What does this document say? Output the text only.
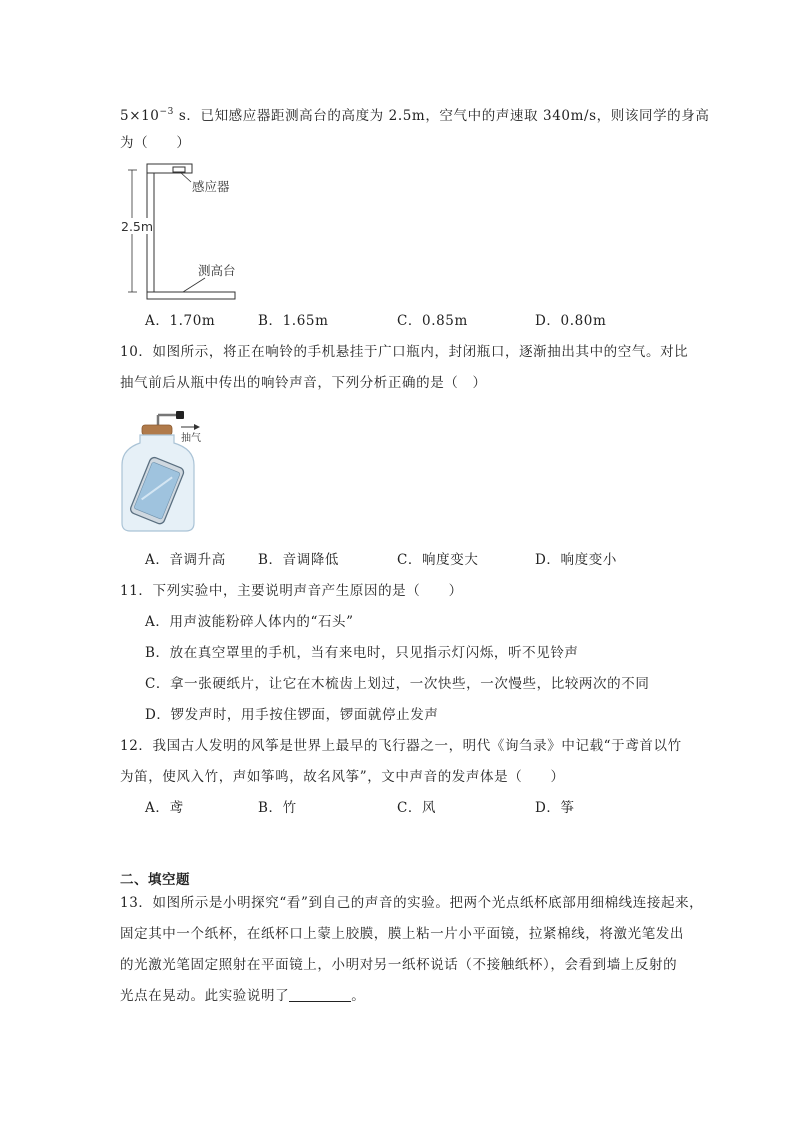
$5\times 10^{-3}$ s．已知感应器距测高台的高度为 2.5m，空气中的声速取 340m/s，则该同学的身高
为（　　）
感应器
2.5m
测高台
A．1.70m	B．1.65m	C．0.85m	D．0.80m
10．如图所示，将正在响铃的手机悬挂于广口瓶内，封闭瓶口，逐渐抽出其中的空气。对比
抽气前后从瓶中传出的响铃声音，下列分析正确的是（　）
抽气
A．音调升高 B．音调降低	C．响度变大	D．响度变小
11．下列实验中，主要说明声音产生原因的是（　　）
A．用声波能粉碎人体内的“石头”
B．放在真空罩里的手机，当有来电时，只见指示灯闪烁，听不见铃声
C．拿一张硬纸片，让它在木梳齿上划过，一次快些，一次慢些，比较两次的不同
D．锣发声时，用手按住锣面，锣面就停止发声
12．我国古人发明的风筝是世界上最早的飞行器之一，明代《询刍录》中记载“于鸢首以竹
为笛，使风入竹，声如筝鸣，故名风筝”，文中声音的发声体是（　　）
A．鸢	B．竹	C．风	D．筝
二、填空题
13．如图所示是小明探究“看”到自己的声音的实验。把两个光点纸杯底部用细棉线连接起来，
固定其中一个纸杯，在纸杯口上蒙上胶膜，膜上粘一片小平面镜，拉紧棉线，将激光笔发出
的光激光笔固定照射在平面镜上，小明对另一纸杯说话（不接触纸杯），会看到墙上反射的
光点在晃动。此实验说明了	。
